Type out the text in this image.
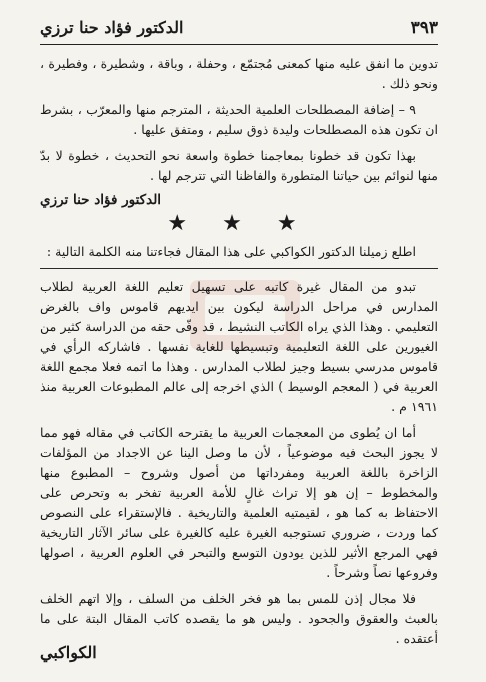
٣٩٣
الدكتور فؤاد حنا ترزي

تدوين ما انفق عليه منها كمعنى مُجتمّع ، وحفلة ، وباقة ، وشطيرة ، وفطيرة ، ونحو ذلك .

٩ – إضافة المصطلحات العلمية الحديثة ، المترجم منها والمعرّب ، بشرط ان تكون هذه المصطلحات وليدة ذوق سليم ، ومتفق عليها .

بهذا تكون قد خطونا بمعاجمنا خطوة واسعة نحو التحديث ، خطوة لا بدّ منها لنوائم بين حياتنا المتطورة والفاظنا التي تترجم لها .

الدكتور فؤاد حنا ترزي
★ ★ ★

اطلع زميلنا الدكتور الكواكبي على هذا المقال فجاءتنا منه الكلمة التالية :

تبدو من المقال غيرة كاتبه على تسهيل تعليم اللغة العربية لطلاب المدارس في مراحل الدراسة ليكون بين ايديهم قاموس واف بالغرض التعليمي . وهذا الذي يراه الكاتب النشيط ، قد وفّى حقه من الدراسة كثير من الغيورين على اللغة التعليمية وتبسيطها للغاية نفسها . فاشاركه الرأي في قاموس مدرسي بسيط وجيز لطلاب المدارس . وهذا ما اتمه فعلا مجمع اللغة العربية في ( المعجم الوسيط ) الذي اخرجه إلى عالم المطبوعات العربية منذ ١٩٦١ م .

أما ان يُطوى من المعجمات العربية ما يقترحه الكاتب في مقاله فهو مما لا يجوز البحث فيه موضوعياً ، لأن ما وصل الينا عن الاجداد من المؤلفات الزاخرة باللغة العربية ومفرداتها من أصول وشروح – المطبوع منها والمخطوط – إن هو إلا تراث غالٍ للأمة العربية تفخر به وتحرص على الاحتفاظ به كما هو ، لقيمتيه العلمية والتاريخية . فالإستقراء على النصوص كما وردت ، ضروري تستوجبه الغيرة عليه كالغيرة على سائر الآثار التاريخية فهي المرجع الأثير للذين يودون التوسع والتبحر في العلوم العربية ، اصولها وفروعها نصاً وشرحاً .

فلا مجال إذن للمس بما هو فخر الخلف من السلف ، وإلا اتهم الخلف بالعبث والعقوق والجحود . وليس هو ما يقصده كاتب المقال البتة على ما أعتقده .

الكواكبي
